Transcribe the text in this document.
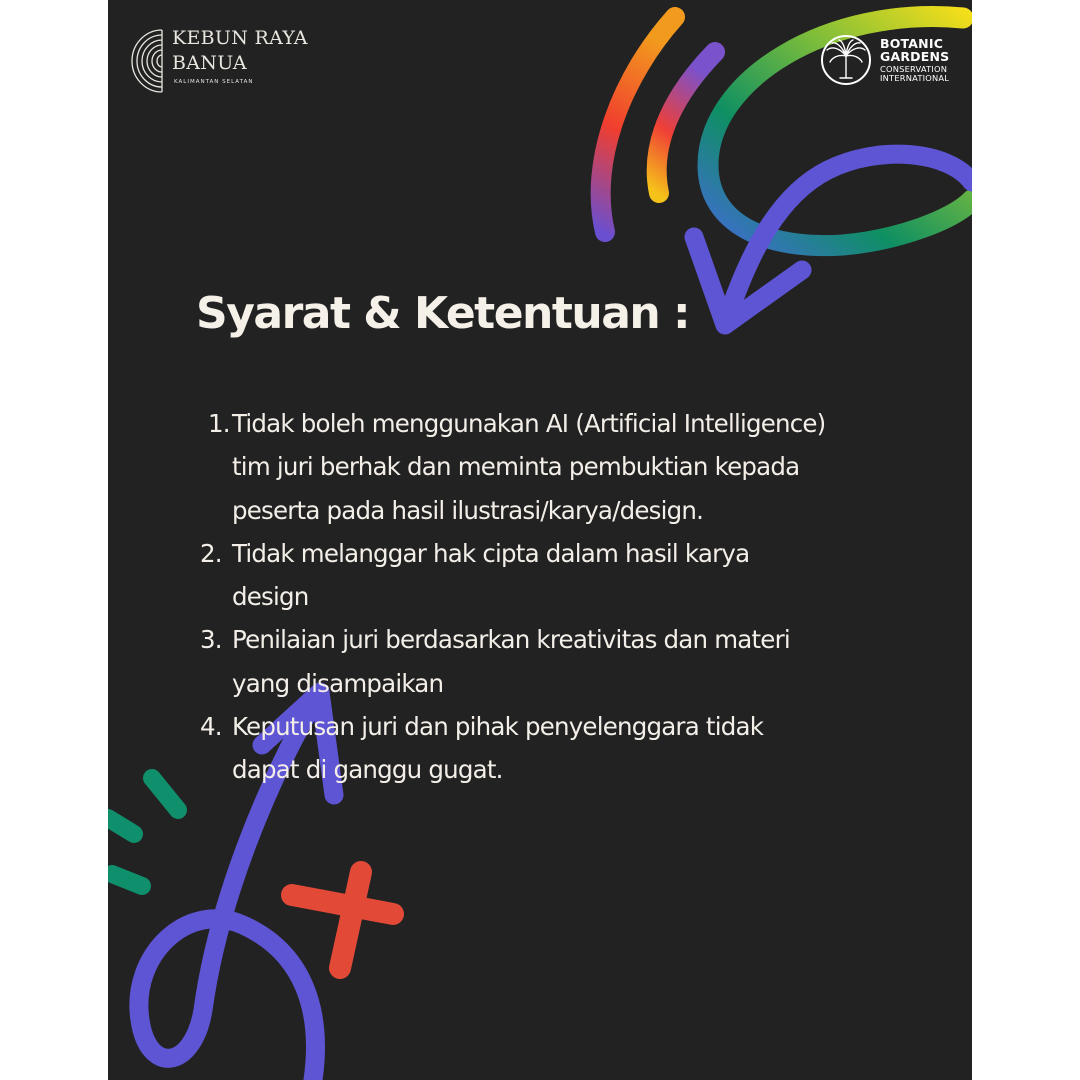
KEBUN RAYA
BANUA
KALIMANTAN SELATAN
BOTANIC
GARDENS
CONSERVATION
INTERNATIONAL
Syarat & Ketentuan :
1. Tidak boleh menggunakan AI (Artificial Intelligence)
tim juri berhak dan meminta pembuktian kepada
peserta pada hasil ilustrasi/karya/design.
2. Tidak melanggar hak cipta dalam hasil karya
design
3. Penilaian juri berdasarkan kreativitas dan materi
yang disampaikan
4. Keputusan juri dan pihak penyelenggara tidak
dapat di ganggu gugat.
